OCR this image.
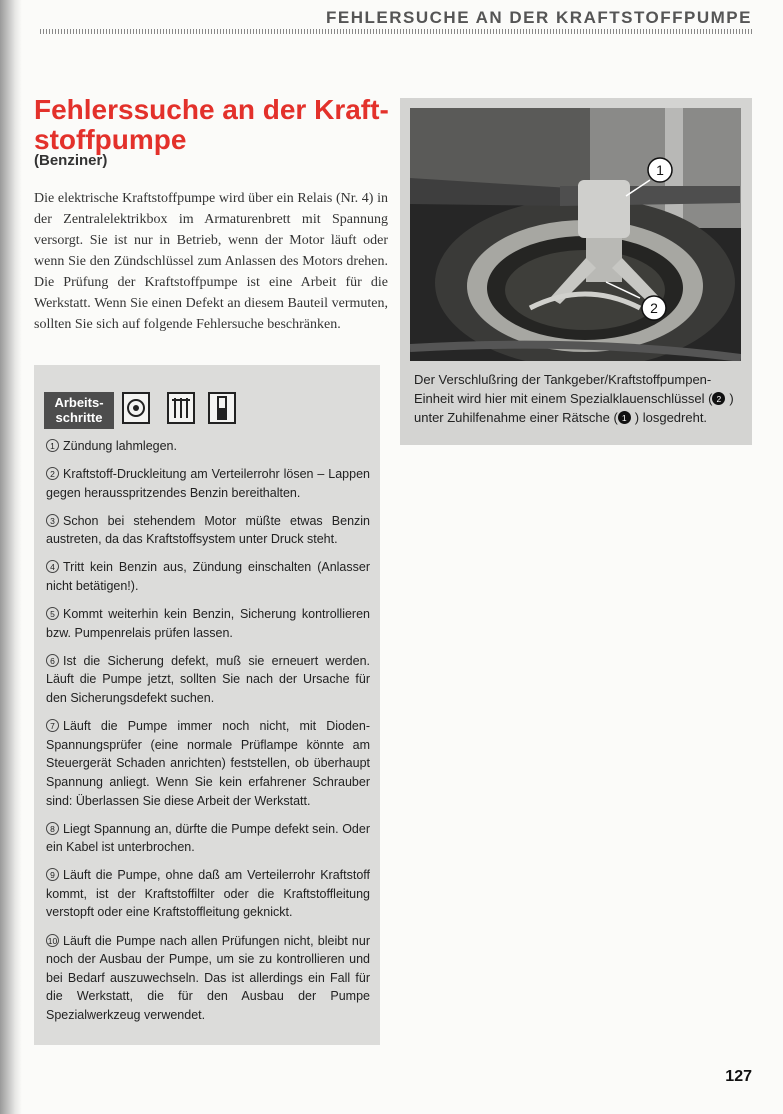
FEHLERSUCHE AN DER KRAFTSTOFFPUMPE
Fehlerssuche an der Kraft-
stoffpumpe

(Benziner)

Die elektrische Kraftstoffpumpe wird über ein Relais (Nr. 4) in der Zentralelektrikbox im Armaturenbrett mit Spannung versorgt. Sie ist nur in Betrieb, wenn der Motor läuft oder wenn Sie den Zündschlüssel zum Anlassen des Motors drehen. Die Prüfung der Kraftstoffpumpe ist eine Arbeit für die Werkstatt. Wenn Sie einen Defekt an diesem Bauteil vermuten, sollten Sie sich auf folgende Fehlersuche beschränken.

1
2

Der Verschlußring der Tankgeber/Kraftstoffpumpen-Einheit wird hier mit einem Spezialklauenschlüssel ( 2 ) unter Zuhilfenahme einer Rätsche ( 1 ) losgedreht.

Arbeits-
schritte

1 Zündung lahmlegen.

2 Kraftstoff-Druckleitung am Verteilerrohr lösen – Lappen gegen herausspritzendes Benzin bereithalten.

3 Schon bei stehendem Motor müßte etwas Benzin austreten, da das Kraftstoffsystem unter Druck steht.

4 Tritt kein Benzin aus, Zündung einschalten (Anlasser nicht betätigen!).

5 Kommt weiterhin kein Benzin, Sicherung kontrollieren bzw. Pumpenrelais prüfen lassen.

6 Ist die Sicherung defekt, muß sie erneuert werden. Läuft die Pumpe jetzt, sollten Sie nach der Ursache für den Sicherungsdefekt suchen.

7 Läuft die Pumpe immer noch nicht, mit Dioden-Spannungsprüfer (eine normale Prüflampe könnte am Steuergerät Schaden anrichten) feststellen, ob überhaupt Spannung anliegt. Wenn Sie kein erfahrener Schrauber sind: Überlassen Sie diese Arbeit der Werkstatt.

8 Liegt Spannung an, dürfte die Pumpe defekt sein. Oder ein Kabel ist unterbrochen.

9 Läuft die Pumpe, ohne daß am Verteilerrohr Kraftstoff kommt, ist der Kraftstoffilter oder die Kraftstoffleitung verstopft oder eine Kraftstoffleitung geknickt.

10 Läuft die Pumpe nach allen Prüfungen nicht, bleibt nur noch der Ausbau der Pumpe, um sie zu kontrollieren und bei Bedarf auszuwechseln. Das ist allerdings ein Fall für die Werkstatt, die für den Ausbau der Pumpe Spezialwerkzeug verwendet.

127
